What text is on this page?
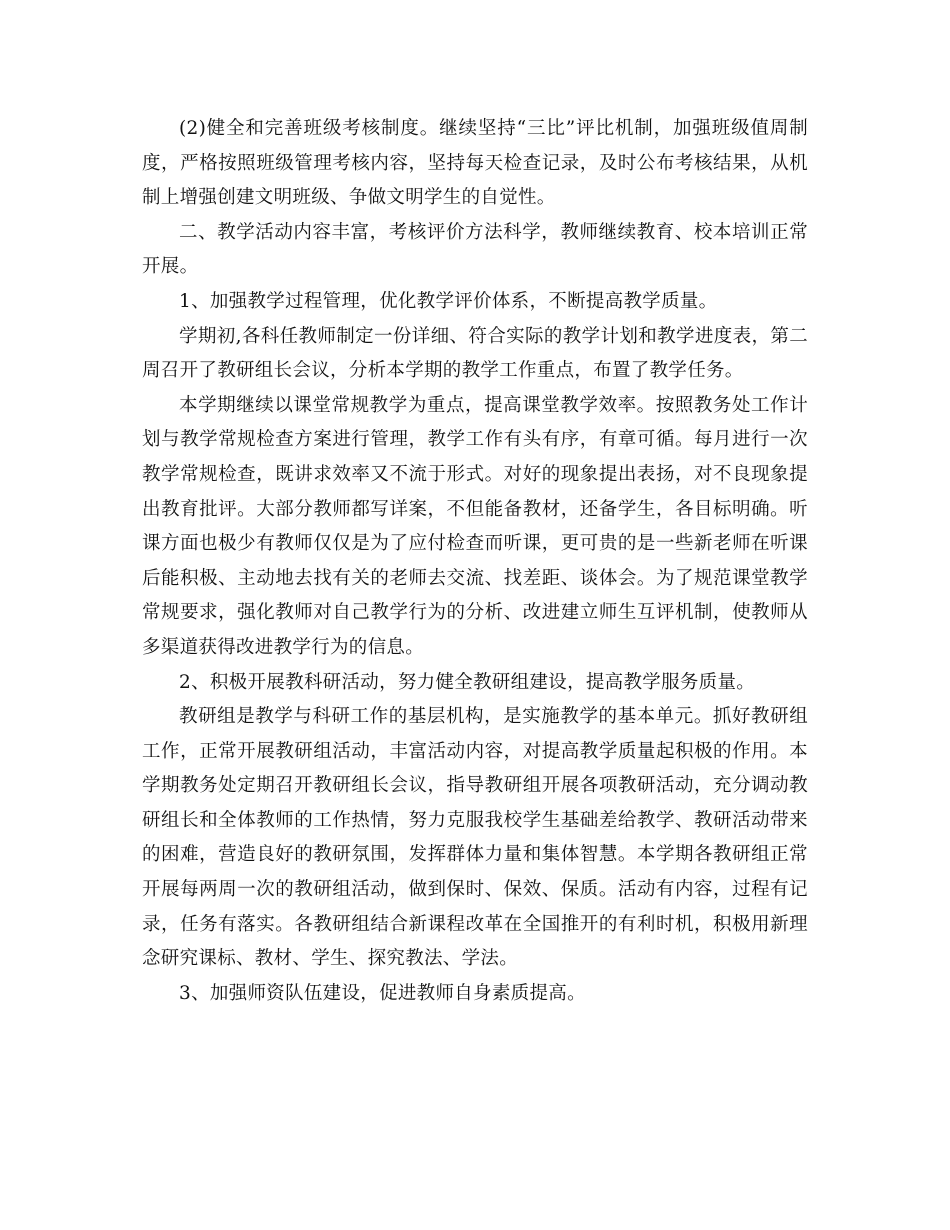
(2)健全和完善班级考核制度。继续坚持“三比”评比机制，加强班级值周制度，严格按照班级管理考核内容，坚持每天检查记录，及时公布考核结果，从机制上增强创建文明班级、争做文明学生的自觉性。

二、教学活动内容丰富，考核评价方法科学，教师继续教育、校本培训正常开展。

1、加强教学过程管理，优化教学评价体系，不断提高教学质量。

学期初,各科任教师制定一份详细、符合实际的教学计划和教学进度表，第二周召开了教研组长会议，分析本学期的教学工作重点，布置了教学任务。

本学期继续以课堂常规教学为重点，提高课堂教学效率。按照教务处工作计划与教学常规检查方案进行管理，教学工作有头有序，有章可循。每月进行一次教学常规检查，既讲求效率又不流于形式。对好的现象提出表扬，对不良现象提出教育批评。大部分教师都写详案，不但能备教材，还备学生，各目标明确。听课方面也极少有教师仅仅是为了应付检查而听课，更可贵的是一些新老师在听课后能积极、主动地去找有关的老师去交流、找差距、谈体会。为了规范课堂教学常规要求，强化教师对自己教学行为的分析、改进建立师生互评机制，使教师从多渠道获得改进教学行为的信息。

2、积极开展教科研活动，努力健全教研组建设，提高教学服务质量。

教研组是教学与科研工作的基层机构，是实施教学的基本单元。抓好教研组工作，正常开展教研组活动，丰富活动内容，对提高教学质量起积极的作用。本学期教务处定期召开教研组长会议，指导教研组开展各项教研活动，充分调动教研组长和全体教师的工作热情，努力克服我校学生基础差给教学、教研活动带来的困难，营造良好的教研氛围，发挥群体力量和集体智慧。本学期各教研组正常开展每两周一次的教研组活动，做到保时、保效、保质。活动有内容，过程有记录，任务有落实。各教研组结合新课程改革在全国推开的有利时机，积极用新理念研究课标、教材、学生、探究教法、学法。

3、加强师资队伍建设，促进教师自身素质提高。
